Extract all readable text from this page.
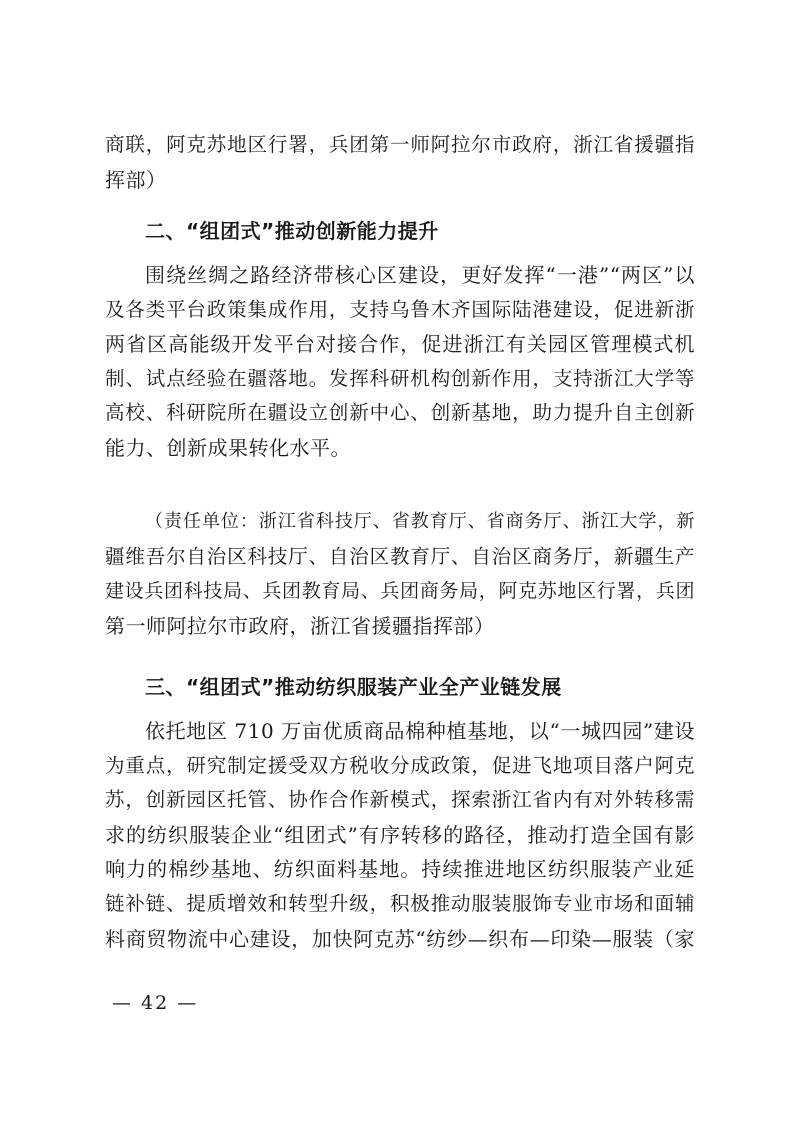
商联，阿克苏地区行署，兵团第一师阿拉尔市政府，浙江省援疆指
挥部）
二、“组团式”推动创新能力提升
围绕丝绸之路经济带核心区建设，更好发挥“一港”“两区”以
及各类平台政策集成作用，支持乌鲁木齐国际陆港建设，促进新浙
两省区高能级开发平台对接合作，促进浙江有关园区管理模式机
制、试点经验在疆落地。发挥科研机构创新作用，支持浙江大学等
高校、科研院所在疆设立创新中心、创新基地，助力提升自主创新
能力、创新成果转化水平。
（责任单位：浙江省科技厅、省教育厅、省商务厅、浙江大学，新
疆维吾尔自治区科技厅、自治区教育厅、自治区商务厅，新疆生产
建设兵团科技局、兵团教育局、兵团商务局，阿克苏地区行署，兵团
第一师阿拉尔市政府，浙江省援疆指挥部）
三、“组团式”推动纺织服装产业全产业链发展
依托地区 710 万亩优质商品棉种植基地，以“一城四园”建设
为重点，研究制定援受双方税收分成政策，促进飞地项目落户阿克
苏，创新园区托管、协作合作新模式，探索浙江省内有对外转移需
求的纺织服装企业“组团式”有序转移的路径，推动打造全国有影
响力的棉纱基地、纺织面料基地。持续推进地区纺织服装产业延
链补链、提质增效和转型升级，积极推动服装服饰专业市场和面辅
料商贸物流中心建设，加快阿克苏“纺纱—织布—印染—服装（家
— 42 —
